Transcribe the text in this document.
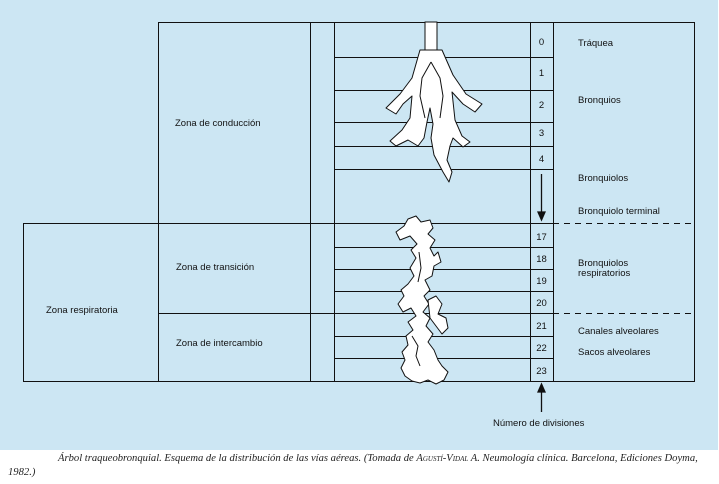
Zona de conducción
Zona de transición
Zona de intercambio
Zona respiratoria
0
1
2
3
4
17
18
19
20
21
22
23
Tráquea
Bronquios
Bronquiolos
Bronquiolo terminal
Bronquiolos
respiratorios
Canales alveolares
Sacos alveolares
Número de divisiones
Árbol traqueobronquial. Esquema de la distribución de las vías aéreas. (Tomada de Agustí-Vidal A. Neumología clínica. Barcelona, Ediciones Doyma, 1982.)
